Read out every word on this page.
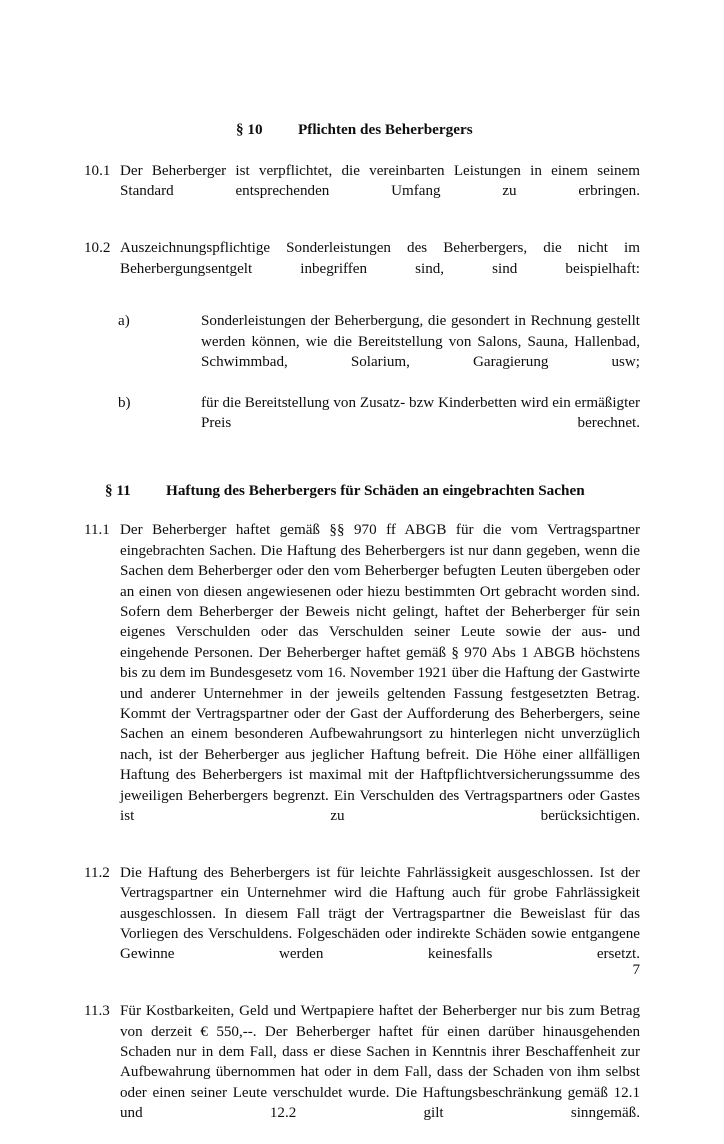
§ 10 Pflichten des Beherbergers
10.1 Der Beherberger ist verpflichtet, die vereinbarten Leistungen in einem seinem Standard entsprechenden Umfang zu erbringen.
10.2 Auszeichnungspflichtige Sonderleistungen des Beherbergers, die nicht im Beherbergungsentgelt inbegriffen sind, sind beispielhaft:
a)	Sonderleistungen der Beherbergung, die gesondert in Rechnung gestellt werden können, wie die Bereitstellung von Salons, Sauna, Hallenbad, Schwimmbad, Solarium, Garagierung usw;
b)	für die Bereitstellung von Zusatz- bzw Kinderbetten wird ein ermäßigter Preis berechnet.
§ 11 Haftung des Beherbergers für Schäden an eingebrachten Sachen
11.1 Der Beherberger haftet gemäß §§ 970 ff ABGB für die vom Vertragspartner eingebrachten Sachen. Die Haftung des Beherbergers ist nur dann gegeben, wenn die Sachen dem Beherberger oder den vom Beherberger befugten Leuten übergeben oder an einen von diesen angewiesenen oder hiezu bestimmten Ort gebracht worden sind. Sofern dem Beherberger der Beweis nicht gelingt, haftet der Beherberger für sein eigenes Verschulden oder das Verschulden seiner Leute sowie der aus- und eingehende Personen. Der Beherberger haftet gemäß § 970 Abs 1 ABGB höchstens bis zu dem im Bundesgesetz vom 16. November 1921 über die Haftung der Gastwirte und anderer Unternehmer in der jeweils geltenden Fassung festgesetzten Betrag. Kommt der Vertragspartner oder der Gast der Aufforderung des Beherbergers, seine Sachen an einem besonderen Aufbewahrungsort zu hinterlegen nicht unverzüglich nach, ist der Beherberger aus jeglicher Haftung befreit. Die Höhe einer allfälligen Haftung des Beherbergers ist maximal mit der Haftpflichtversicherungssumme des jeweiligen Beherbergers begrenzt. Ein Verschulden des Vertragspartners oder Gastes ist zu berücksichtigen.
11.2 Die Haftung des Beherbergers ist für leichte Fahrlässigkeit ausgeschlossen. Ist der Vertragspartner ein Unternehmer wird die Haftung auch für grobe Fahrlässigkeit ausgeschlossen. In diesem Fall trägt der Vertragspartner die Beweislast für das Vorliegen des Verschuldens. Folgeschäden oder indirekte Schäden sowie entgangene Gewinne werden keinesfalls ersetzt.
11.3 Für Kostbarkeiten, Geld und Wertpapiere haftet der Beherberger nur bis zum Betrag von derzeit € 550,--. Der Beherberger haftet für einen darüber hinausgehenden Schaden nur in dem Fall, dass er diese Sachen in Kenntnis ihrer Beschaffenheit zur Aufbewahrung übernommen hat oder in dem Fall, dass der Schaden von ihm selbst oder einen seiner Leute verschuldet wurde. Die Haftungsbeschränkung gemäß 12.1 und 12.2 gilt sinngemäß.
7
